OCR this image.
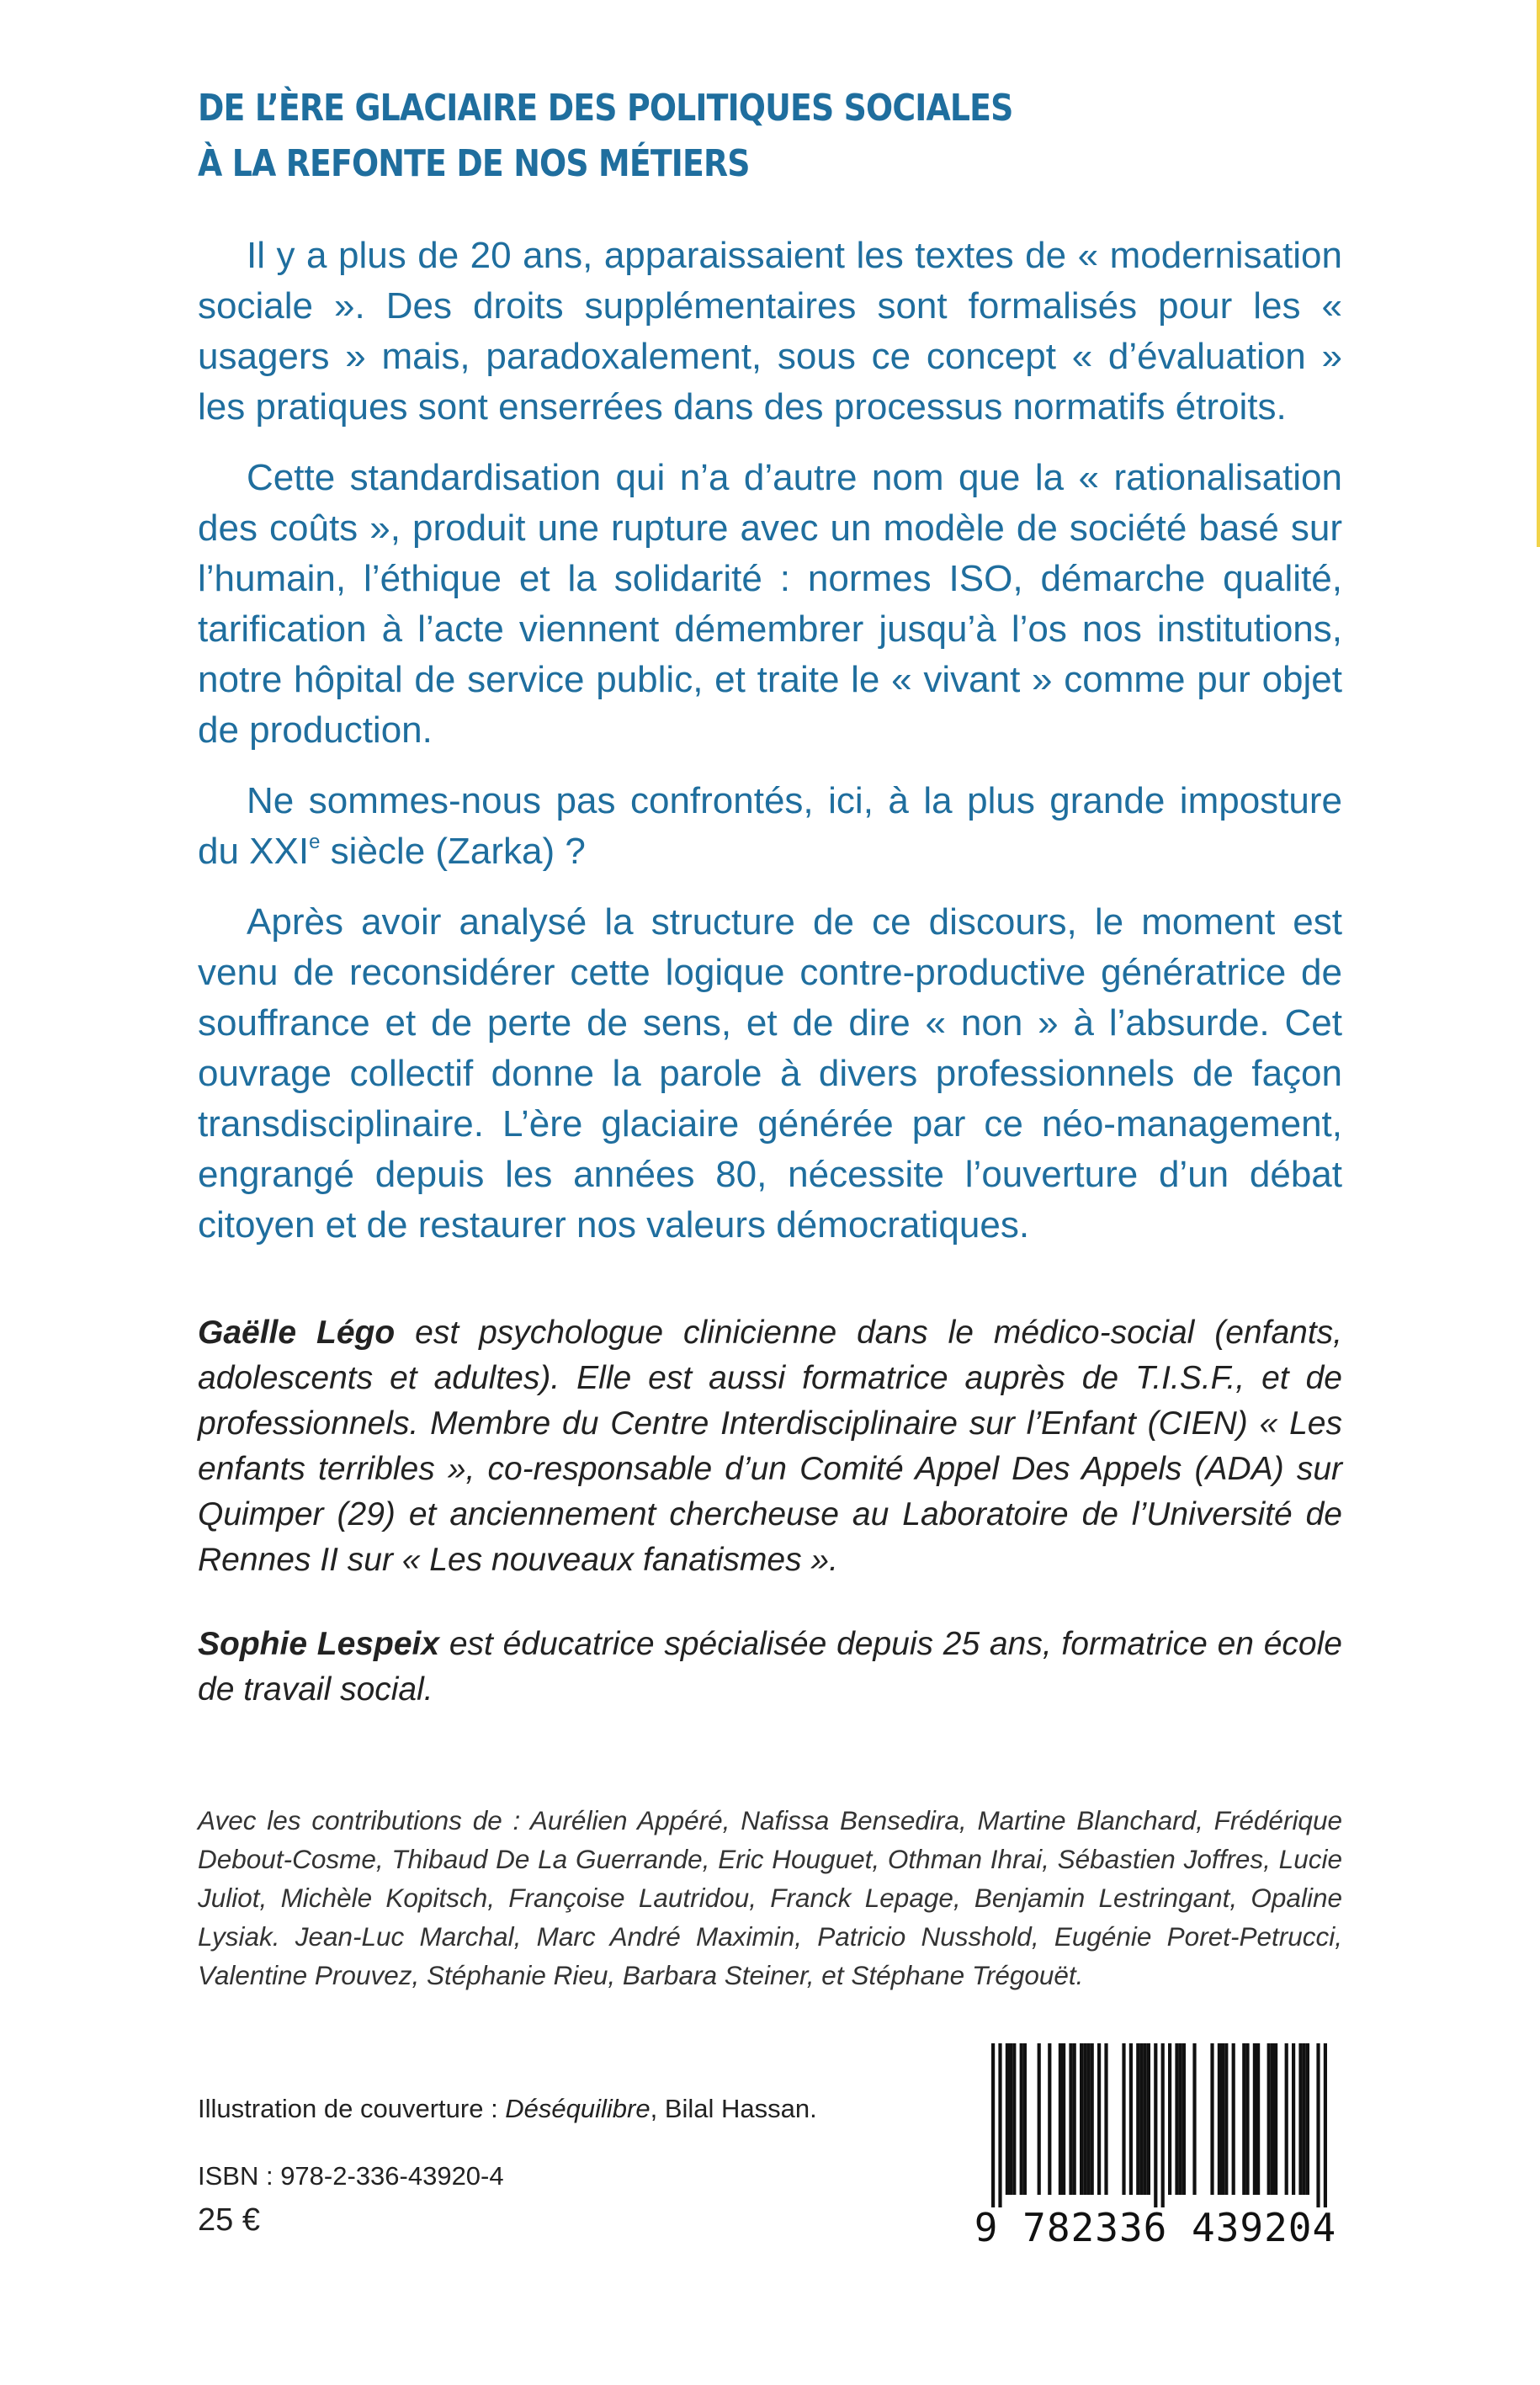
DE L’ÈRE GLACIAIRE DES POLITIQUES SOCIALES
À LA REFONTE DE NOS MÉTIERS

Il y a plus de 20 ans, apparaissaient les textes de « modernisation sociale ». Des droits supplémentaires sont formalisés pour les « usagers » mais, paradoxalement, sous ce concept « d’évaluation » les pratiques sont enserrées dans des processus normatifs étroits.

Cette standardisation qui n’a d’autre nom que la « rationalisation des coûts », produit une rupture avec un modèle de société basé sur l’humain, l’éthique et la solidarité : normes ISO, démarche qualité, tarification à l’acte viennent démembrer jusqu’à l’os nos institutions, notre hôpital de service public, et traite le « vivant » comme pur objet de production.

Ne sommes-nous pas confrontés, ici, à la plus grande imposture du XXIe siècle (Zarka) ?

Après avoir analysé la structure de ce discours, le moment est venu de reconsidérer cette logique contre-productive génératrice de souffrance et de perte de sens, et de dire « non » à l’absurde. Cet ouvrage collectif donne la parole à divers professionnels de façon transdisciplinaire. L’ère glaciaire générée par ce néo-management, engrangé depuis les années 80, nécessite l’ouverture d’un débat citoyen et de restaurer nos valeurs démocratiques.

Gaëlle Légo est psychologue clinicienne dans le médico-social (enfants, adolescents et adultes). Elle est aussi formatrice auprès de T.I.S.F., et de professionnels. Membre du Centre Interdisciplinaire sur l’Enfant (CIEN) « Les enfants terribles », co-responsable d’un Comité Appel Des Appels (ADA) sur Quimper (29) et anciennement chercheuse au Laboratoire de l’Université de Rennes II sur « Les nouveaux fanatismes ».

Sophie Lespeix est éducatrice spécialisée depuis 25 ans, formatrice en école de travail social.

Avec les contributions de : Aurélien Appéré, Nafissa Bensedira, Martine Blanchard, Frédérique Debout-Cosme, Thibaud De La Guerrande, Eric Houguet, Othman Ihrai, Sébastien Joffres, Lucie Juliot, Michèle Kopitsch, Françoise Lautridou, Franck Lepage, Benjamin Lestringant, Opaline Lysiak. Jean-Luc Marchal, Marc André Maximin, Patricio Nusshold, Eugénie Poret-Petrucci, Valentine Prouvez, Stéphanie Rieu, Barbara Steiner, et Stéphane Trégouët.
Illustration de couverture : Déséquilibre, Bilal Hassan.
ISBN : 978-2-336-43920-4
25 €	9 782336 439204
